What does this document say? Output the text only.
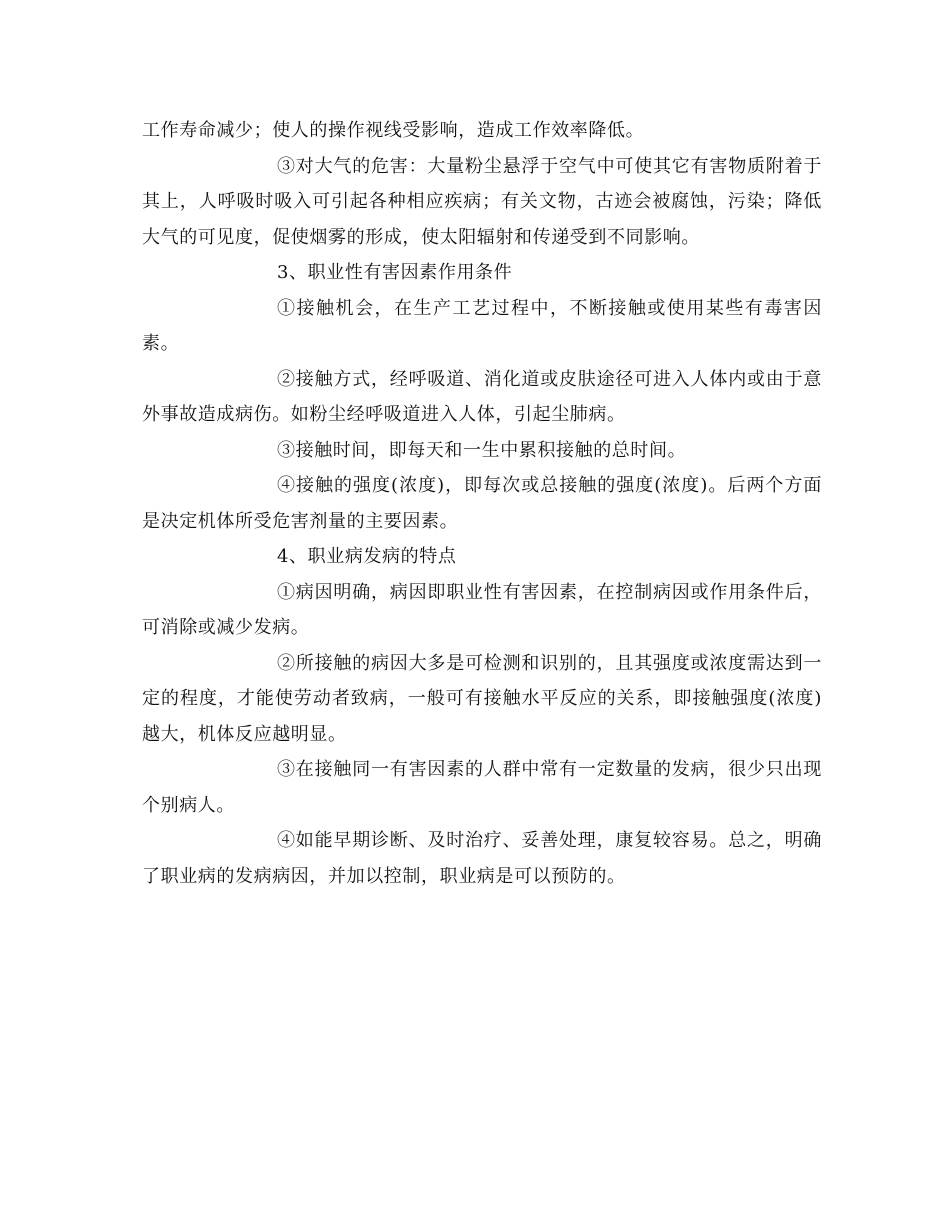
工作寿命减少；使人的操作视线受影响，造成工作效率降低。

③对大气的危害：大量粉尘悬浮于空气中可使其它有害物质附着于其上，人呼吸时吸入可引起各种相应疾病；有关文物，古迹会被腐蚀，污染；降低大气的可见度，促使烟雾的形成，使太阳辐射和传递受到不同影响。

3、职业性有害因素作用条件

①接触机会，在生产工艺过程中，不断接触或使用某些有毒害因素。

②接触方式，经呼吸道、消化道或皮肤途径可进入人体内或由于意外事故造成病伤。如粉尘经呼吸道进入人体，引起尘肺病。

③接触时间，即每天和一生中累积接触的总时间。

④接触的强度(浓度)，即每次或总接触的强度(浓度)。后两个方面是决定机体所受危害剂量的主要因素。

4、职业病发病的特点

①病因明确，病因即职业性有害因素，在控制病因或作用条件后，可消除或减少发病。

②所接触的病因大多是可检测和识别的，且其强度或浓度需达到一定的程度，才能使劳动者致病，一般可有接触水平反应的关系，即接触强度(浓度)越大，机体反应越明显。

③在接触同一有害因素的人群中常有一定数量的发病，很少只出现个别病人。

④如能早期诊断、及时治疗、妥善处理，康复较容易。总之，明确了职业病的发病病因，并加以控制，职业病是可以预防的。
